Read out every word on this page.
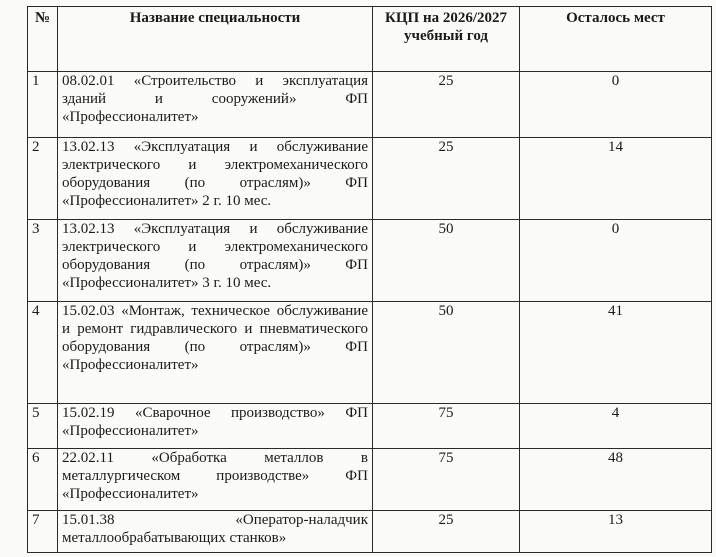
№	Название специальности	КЦП на 2026/2027 учебный год	Осталось мест
1	08.02.01 «Строительство и эксплуатация зданий и сооружений» ФП «Профессионалитет»	25	0
2	13.02.13 «Эксплуатация и обслуживание электрического и электромеханического оборудования (по отраслям)» ФП «Профессионалитет» 2 г. 10 мес.	25	14
3	13.02.13 «Эксплуатация и обслуживание электрического и электромеханического оборудования (по отраслям)» ФП «Профессионалитет» 3 г. 10 мес.	50	0
4	15.02.03 «Монтаж, техническое обслуживание и ремонт гидравлического и пневматического оборудования (по отраслям)» ФП «Профессионалитет»	50	41
5	15.02.19 «Сварочное производство» ФП «Профессионалитет»	75	4
6	22.02.11 «Обработка металлов в металлургическом производстве» ФП «Профессионалитет»	75	48
7	15.01.38 «Оператор-наладчик металлообрабатывающих станков»	25	13
